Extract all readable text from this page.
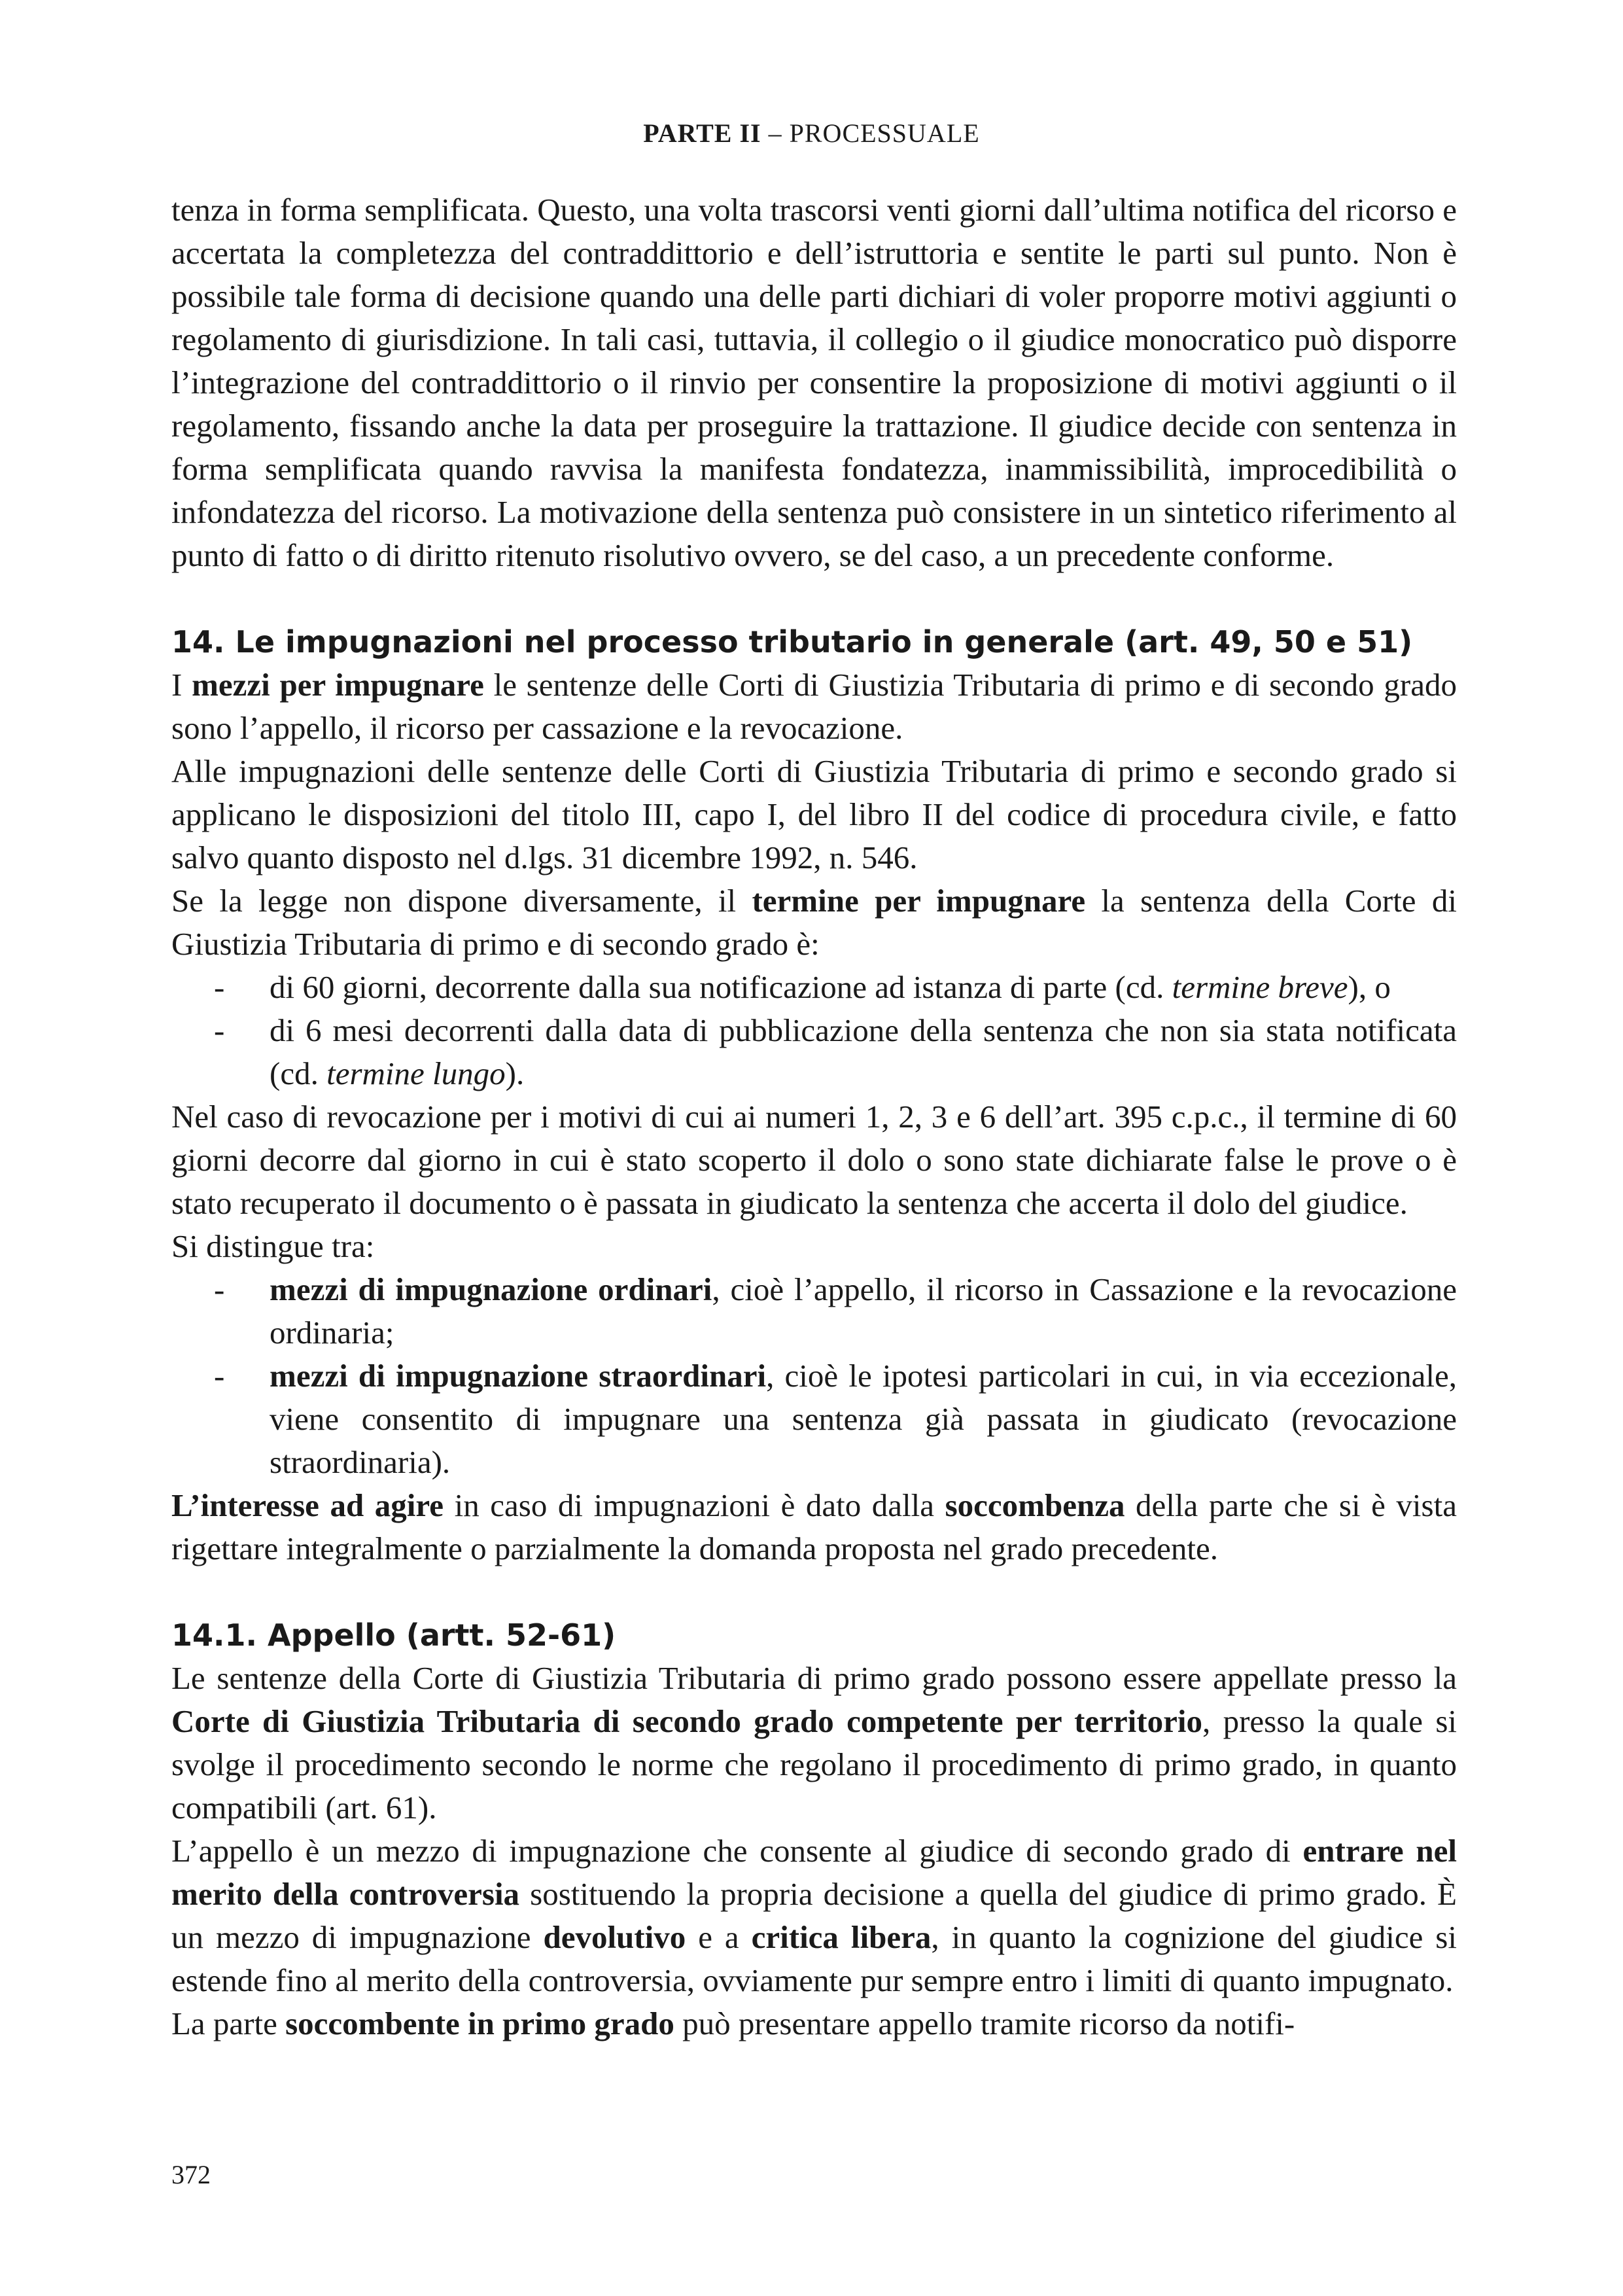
PARTE II – PROCESSUALE

tenza in forma semplificata. Questo, una volta trascorsi venti giorni dall’ultima notifica del ricorso e accertata la completezza del contraddittorio e dell’istruttoria e sentite le parti sul punto. Non è possibile tale forma di decisione quando una delle parti dichiari di voler proporre motivi aggiunti o regolamento di giurisdizione. In tali casi, tuttavia, il collegio o il giudice monocratico può disporre l’integrazione del contraddittorio o il rinvio per consentire la proposizione di motivi aggiunti o il regolamento, fissando anche la data per proseguire la trattazione. Il giudice decide con sentenza in forma semplificata quando ravvisa la manifesta fondatezza, inammissibilità, improcedibilità o infondatezza del ricorso. La motivazione della sentenza può consistere in un sintetico riferimento al punto di fatto o di diritto ritenuto risolutivo ovvero, se del caso, a un precedente conforme.

14. Le impugnazioni nel processo tributario in generale (art. 49, 50 e 51)

I mezzi per impugnare le sentenze delle Corti di Giustizia Tributaria di primo e di secondo grado sono l’appello, il ricorso per cassazione e la revocazione.

Alle impugnazioni delle sentenze delle Corti di Giustizia Tributaria di primo e secondo grado si applicano le disposizioni del titolo III, capo I, del libro II del codice di procedura civile, e fatto salvo quanto disposto nel d.lgs. 31 dicembre 1992, n. 546.

Se la legge non dispone diversamente, il termine per impugnare la sentenza della Corte di Giustizia Tributaria di primo e di secondo grado è:

- di 60 giorni, decorrente dalla sua notificazione ad istanza di parte (cd. termine breve), o
- di 6 mesi decorrenti dalla data di pubblicazione della sentenza che non sia stata notificata (cd. termine lungo).

Nel caso di revocazione per i motivi di cui ai numeri 1, 2, 3 e 6 dell’art. 395 c.p.c., il termine di 60 giorni decorre dal giorno in cui è stato scoperto il dolo o sono state dichiarate false le prove o è stato recuperato il documento o è passata in giudicato la sentenza che accerta il dolo del giudice.

Si distingue tra:

- mezzi di impugnazione ordinari, cioè l’appello, il ricorso in Cassazione e la revocazione ordinaria;
- mezzi di impugnazione straordinari, cioè le ipotesi particolari in cui, in via eccezionale, viene consentito di impugnare una sentenza già passata in giudicato (revocazione straordinaria).

L’interesse ad agire in caso di impugnazioni è dato dalla soccombenza della parte che si è vista rigettare integralmente o parzialmente la domanda proposta nel grado precedente.

14.1. Appello (artt. 52-61)

Le sentenze della Corte di Giustizia Tributaria di primo grado possono essere appellate presso la Corte di Giustizia Tributaria di secondo grado competente per territorio, presso la quale si svolge il procedimento secondo le norme che regolano il procedimento di primo grado, in quanto compatibili (art. 61).

L’appello è un mezzo di impugnazione che consente al giudice di secondo grado di entrare nel merito della controversia sostituendo la propria decisione a quella del giudice di primo grado. È un mezzo di impugnazione devolutivo e a critica libera, in quanto la cognizione del giudice si estende fino al merito della controversia, ovviamente pur sempre entro i limiti di quanto impugnato.

La parte soccombente in primo grado può presentare appello tramite ricorso da notifi-

372
